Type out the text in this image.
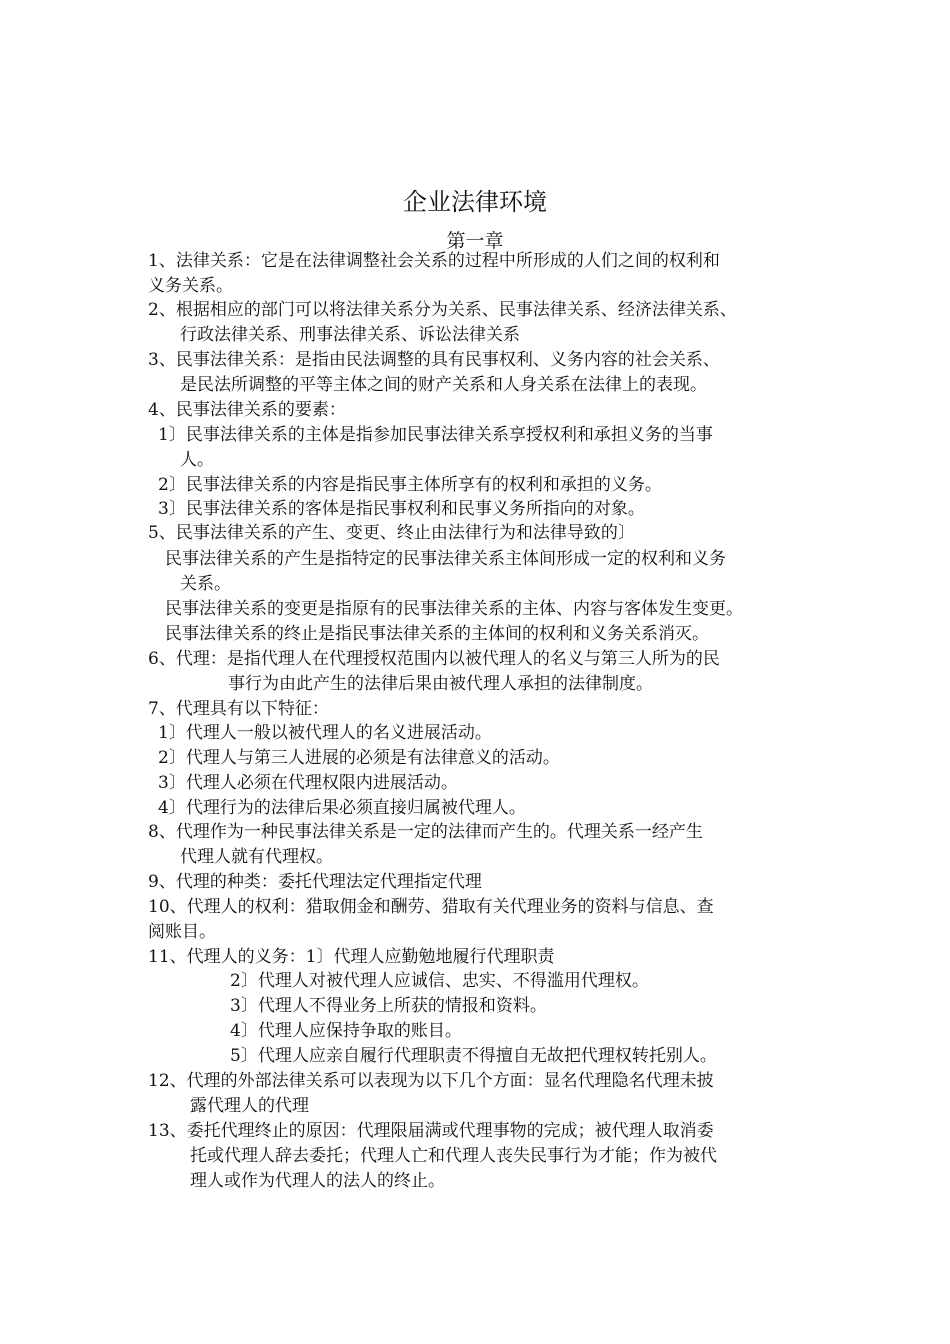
企业法律环境
第一章
1、法律关系：它是在法律调整社会关系的过程中所形成的人们之间的权利和
义务关系。
2、根据相应的部门可以将法律关系分为关系、民事法律关系、经济法律关系、
行政法律关系、刑事法律关系、诉讼法律关系
3、民事法律关系：是指由民法调整的具有民事权利、义务内容的社会关系、
是民法所调整的平等主体之间的财产关系和人身关系在法律上的表现。
4、民事法律关系的要素：
1〕民事法律关系的主体是指参加民事法律关系享授权利和承担义务的当事
人。
2〕民事法律关系的内容是指民事主体所享有的权利和承担的义务。
3〕民事法律关系的客体是指民事权利和民事义务所指向的对象。
5、民事法律关系的产生、变更、终止由法律行为和法律导致的〕
民事法律关系的产生是指特定的民事法律关系主体间形成一定的权利和义务
关系。
民事法律关系的变更是指原有的民事法律关系的主体、内容与客体发生变更。
民事法律关系的终止是指民事法律关系的主体间的权利和义务关系消灭。
6、代理：是指代理人在代理授权范围内以被代理人的名义与第三人所为的民
事行为由此产生的法律后果由被代理人承担的法律制度。
7、代理具有以下特征：
1〕代理人一般以被代理人的名义进展活动。
2〕代理人与第三人进展的必须是有法律意义的活动。
3〕代理人必须在代理权限内进展活动。
4〕代理行为的法律后果必须直接归属被代理人。
8、代理作为一种民事法律关系是一定的法律而产生的。代理关系一经产生
代理人就有代理权。
9、代理的种类：委托代理法定代理指定代理
10、代理人的权利：猎取佣金和酬劳、猎取有关代理业务的资料与信息、查
阅账目。
11、代理人的义务：1〕代理人应勤勉地履行代理职责
2〕代理人对被代理人应诚信、忠实、不得滥用代理权。
3〕代理人不得业务上所获的情报和资料。
4〕代理人应保持争取的账目。
5〕代理人应亲自履行代理职责不得擅自无故把代理权转托别人。
12、代理的外部法律关系可以表现为以下几个方面：显名代理隐名代理未披
露代理人的代理
13、委托代理终止的原因：代理限届满或代理事物的完成；被代理人取消委
托或代理人辞去委托；代理人亡和代理人丧失民事行为才能；作为被代
理人或作为代理人的法人的终止。
